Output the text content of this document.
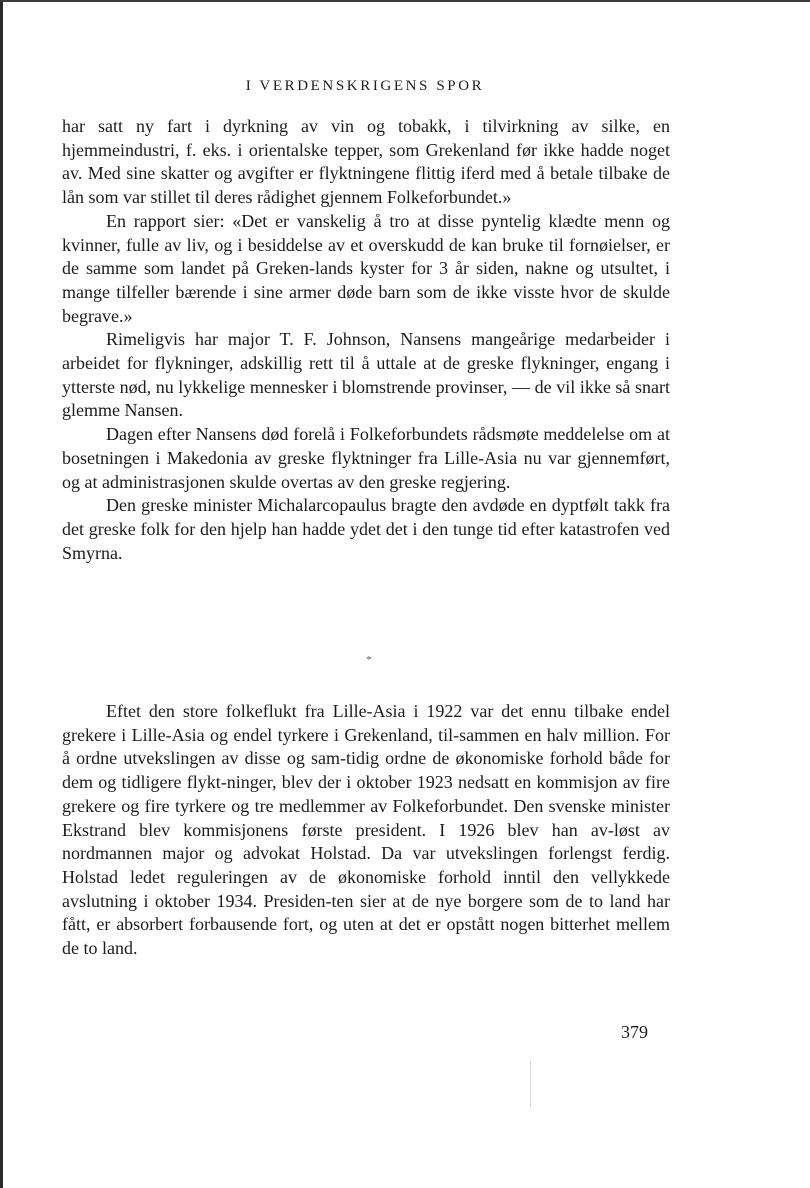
I VERDENSKRIGENS SPOR

har satt ny fart i dyrkning av vin og tobakk, i tilvirkning av silke, en hjemmeindustri, f. eks. i orientalske tepper, som Grekenland før ikke hadde noget av. Med sine skatter og avgifter er flyktningene flittig iferd med å betale tilbake de lån som var stillet til deres rådighet gjennem Folkeforbundet.»

En rapport sier: «Det er vanskelig å tro at disse pyntelig klædte menn og kvinner, fulle av liv, og i besiddelse av et overskudd de kan bruke til fornøielser, er de samme som landet på Greken-lands kyster for 3 år siden, nakne og utsultet, i mange tilfeller bærende i sine armer døde barn som de ikke visste hvor de skulde begrave.»

Rimeligvis har major T. F. Johnson, Nansens mangeårige medarbeider i arbeidet for flykninger, adskillig rett til å uttale at de greske flykninger, engang i ytterste nød, nu lykkelige mennesker i blomstrende provinser, — de vil ikke så snart glemme Nansen.

Dagen efter Nansens død forelå i Folkeforbundets rådsmøte meddelelse om at bosetningen i Makedonia av greske flyktninger fra Lille-Asia nu var gjennemført, og at administrasjonen skulde overtas av den greske regjering.

Den greske minister Michalarcopaulus bragte den avdøde en dyptfølt takk fra det greske folk for den hjelp han hadde ydet det i den tunge tid efter katastrofen ved Smyrna.

*

Eftet den store folkeflukt fra Lille-Asia i 1922 var det ennu tilbake endel grekere i Lille-Asia og endel tyrkere i Grekenland, til-sammen en halv million. For å ordne utvekslingen av disse og sam-tidig ordne de økonomiske forhold både for dem og tidligere flykt-ninger, blev der i oktober 1923 nedsatt en kommisjon av fire grekere og fire tyrkere og tre medlemmer av Folkeforbundet. Den svenske minister Ekstrand blev kommisjonens første president. I 1926 blev han av-løst av nordmannen major og advokat Holstad. Da var utvekslingen forlengst ferdig. Holstad ledet reguleringen av de økonomiske forhold inntil den vellykkede avslutning i oktober 1934. Presiden-ten sier at de nye borgere som de to land har fått, er absorbert forbausende fort, og uten at det er opstått nogen bitterhet mellem de to land.

379
